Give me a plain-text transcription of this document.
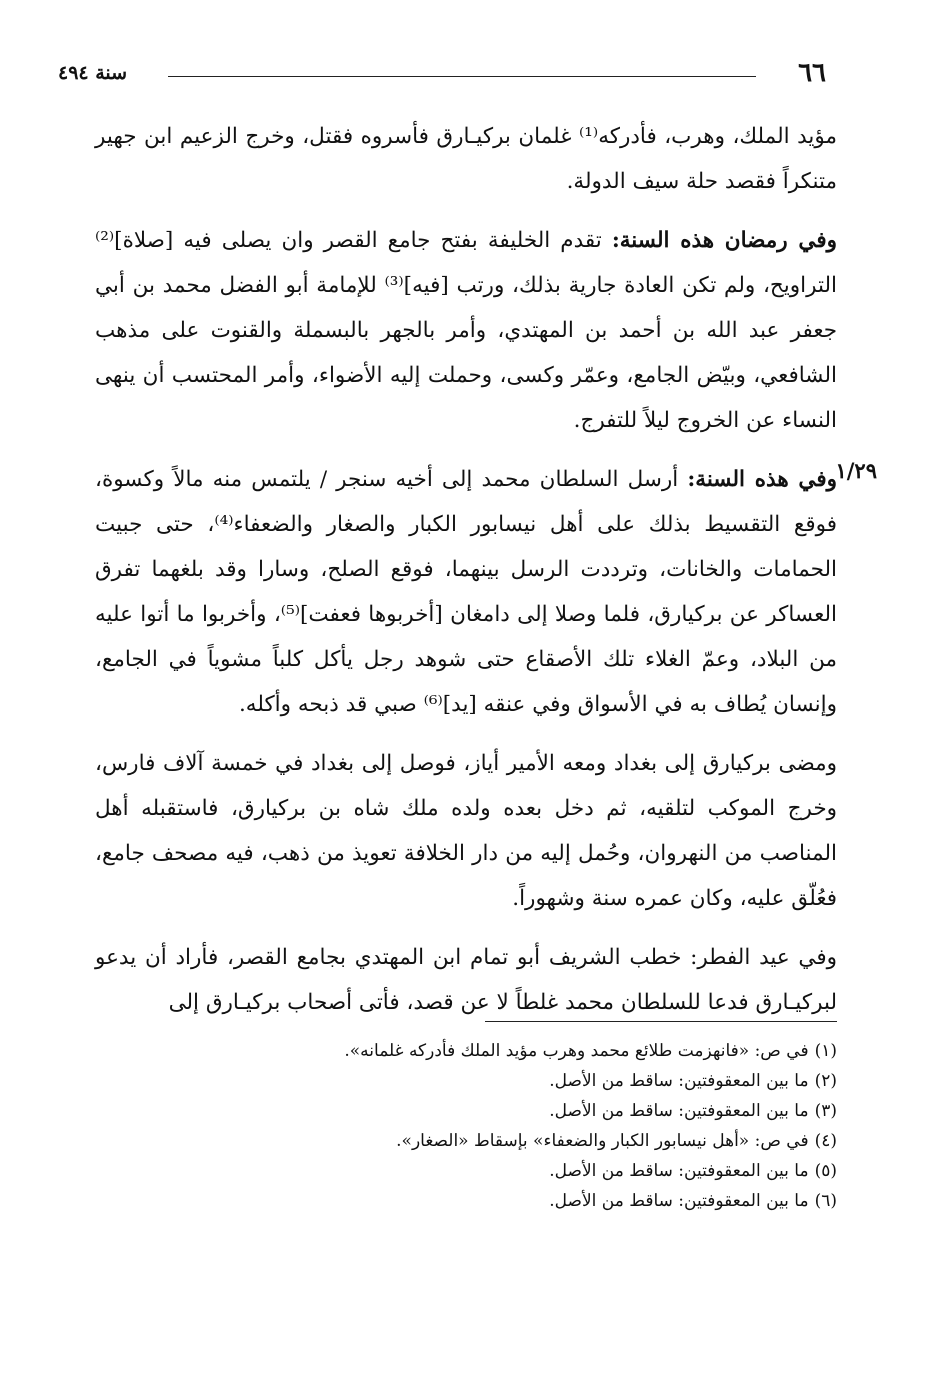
٦٦
سنة ٤٩٤
١/٢٩

مؤيد الملك، وهرب، فأدركه⁽¹⁾ غلمان بركيـارق فأسروه فقتل، وخرج الزعيم ابن جهير متنكراً فقصد حلة سيف الدولة.

وفي رمضان هذه السنة: تقدم الخليفة بفتح جامع القصر وان يصلى فيه [صلاة]⁽²⁾ التراويح، ولم تكن العادة جارية بذلك، ورتب [فيه]⁽³⁾ للإمامة أبو الفضل محمد بن أبي جعفر عبد الله بن أحمد بن المهتدي، وأمر بالجهر بالبسملة والقنوت على مذهب الشافعي، وبيّض الجامع، وعمّر وكسى، وحملت إليه الأضواء، وأمر المحتسب أن ينهى النساء عن الخروج ليلاً للتفرج.

وفي هذه السنة: أرسل السلطان محمد إلى أخيه سنجر / يلتمس منه مالاً وكسوة، فوقع التقسيط بذلك على أهل نيسابور الكبار والصغار والضعفاء⁽⁴⁾، حتى جبيت الحمامات والخانات، وترددت الرسل بينهما، فوقع الصلح، وسارا وقد بلغهما تفرق العساكر عن بركيارق، فلما وصلا إلى دامغان [أخربوها فعفت]⁽⁵⁾، وأخربوا ما أتوا عليه من البلاد، وعمّ الغلاء تلك الأصقاع حتى شوهد رجل يأكل كلباً مشوياً في الجامع، وإنسان يُطاف به في الأسواق وفي عنقه [يد]⁽⁶⁾ صبي قد ذبحه وأكله.

ومضى بركيارق إلى بغداد ومعه الأمير أياز، فوصل إلى بغداد في خمسة آلاف فارس، وخرج الموكب لتلقيه، ثم دخل بعده ولده ملك شاه بن بركيارق، فاستقبله أهل المناصب من النهروان، وحُمل إليه من دار الخلافة تعويذ من ذهب، فيه مصحف جامع، فعُلّق عليه، وكان عمره سنة وشهوراً.

وفي عيد الفطر: خطب الشريف أبو تمام ابن المهتدي بجامع القصر، فأراد أن يدعو لبركيـارق فدعا للسلطان محمد غلطاً لا عن قصد، فأتى أصحاب بركيـارق إلى

(١)في ص: «فانهزمت طلائع محمد وهرب مؤيد الملك فأدركه غلمانه».

(٢)ما بين المعقوفتين: ساقط من الأصل.

(٣)ما بين المعقوفتين: ساقط من الأصل.

(٤)في ص: «أهل نيسابور الكبار والضعفاء» بإسقاط «الصغار».

(٥)ما بين المعقوفتين: ساقط من الأصل.

(٦)ما بين المعقوفتين: ساقط من الأصل.
